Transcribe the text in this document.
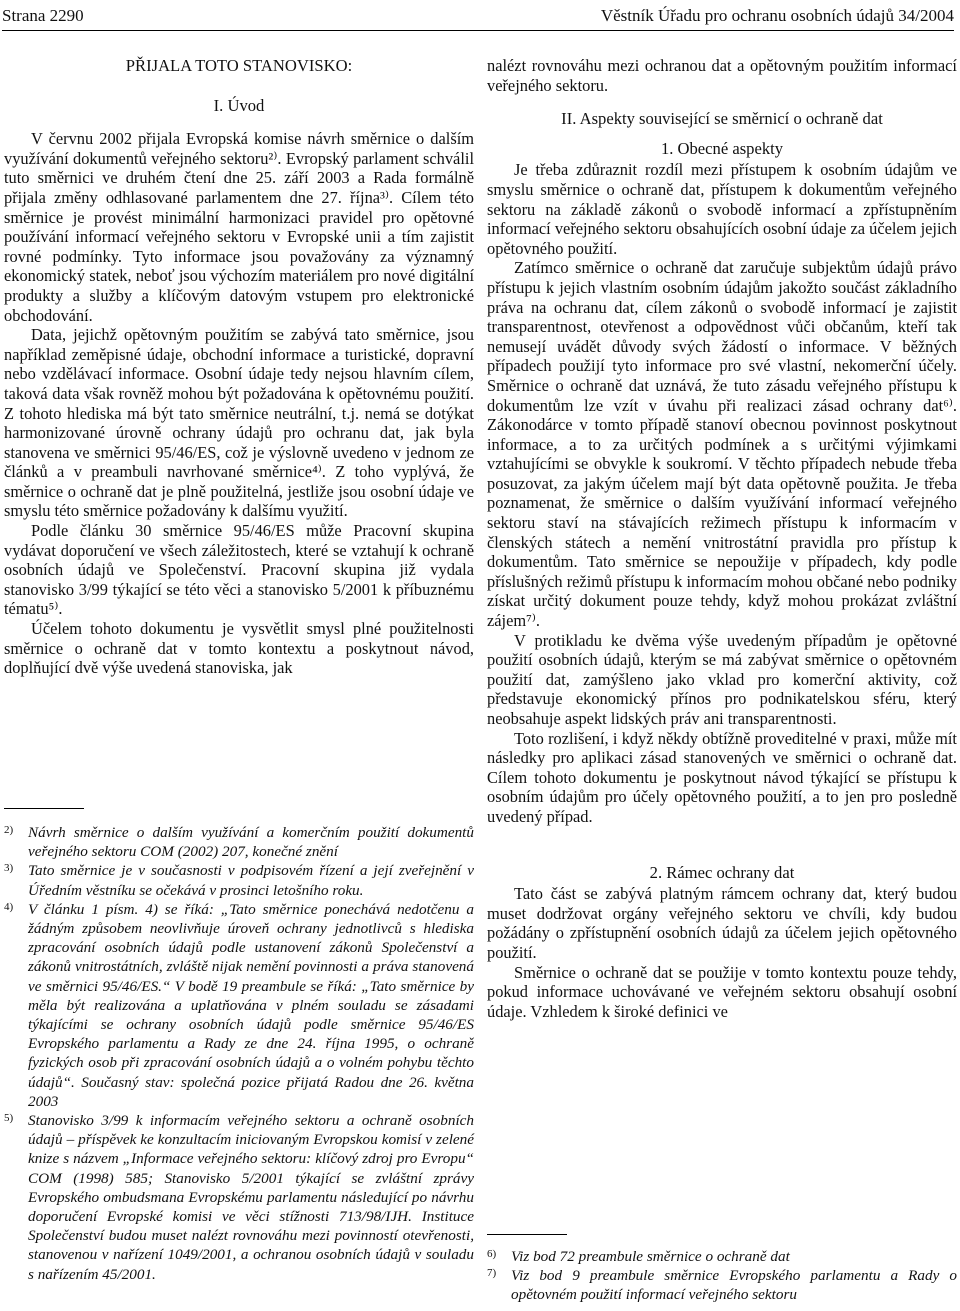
Strana 2290	Věstník Úřadu pro ochranu osobních údajů 34/2004
PŘIJALA TOTO STANOVISKO:
I. Úvod

V červnu 2002 přijala Evropská komise návrh směrnice o dalším využívání dokumentů veřejného sektoru²⁾. Evropský parlament schválil tuto směrnici ve druhém čtení dne 25. září 2003 a Rada formálně přijala změny odhlasované parlamentem dne 27. října³⁾. Cílem této směrnice je provést minimální harmonizaci pravidel pro opětovné používání informací veřejného sektoru v Evropské unii a tím zajistit rovné podmínky. Tyto informace jsou považovány za významný ekonomický statek, neboť jsou výchozím materiálem pro nové digitální produkty a služby a klíčovým datovým vstupem pro elektronické obchodování.

Data, jejichž opětovným použitím se zabývá tato směrnice, jsou například zeměpisné údaje, obchodní informace a turistické, dopravní nebo vzdělávací informace. Osobní údaje tedy nejsou hlavním cílem, taková data však rovněž mohou být požadována k opětovnému použití. Z tohoto hlediska má být tato směrnice neutrální, t.j. nemá se dotýkat harmonizované úrovně ochrany údajů pro ochranu dat, jak byla stanovena ve směrnici 95/46/ES, což je výslovně uvedeno v jednom ze článků a v preambuli navrhované směrnice⁴⁾. Z toho vyplývá, že směrnice o ochraně dat je plně použitelná, jestliže jsou osobní údaje ve smyslu této směrnice požadovány k dalšímu využití.

Podle článku 30 směrnice 95/46/ES může Pracovní skupina vydávat doporučení ve všech záležitostech, které se vztahují k ochraně osobních údajů ve Společenství. Pracovní skupina již vydala stanovisko 3/99 týkající se této věci a stanovisko 5/2001 k příbuznému tématu⁵⁾.

Účelem tohoto dokumentu je vysvětlit smysl plné použitelnosti směrnice o ochraně dat v tomto kontextu a poskytnout návod, doplňující dvě výše uvedená stanoviska, jak

2) Návrh směrnice o dalším využívání a komerčním použití dokumentů veřejného sektoru COM (2002) 207, konečné znění

3) Tato směrnice je v současnosti v podpisovém řízení a její zveřejnění v Úředním věstníku se očekává v prosinci letošního roku.

4) V článku 1 písm. 4) se říká: „Tato směrnice ponechává nedotčenu a žádným způsobem neovlivňuje úroveň ochrany jednotlivců s hlediska zpracování osobních údajů podle ustanovení zákonů Společenství a zákonů vnitrostátních, zvláště nijak nemění povinnosti a práva stanovená ve směrnici 95/46/ES.“ V bodě 19 preambule se říká: „Tato směrnice by měla být realizována a uplatňována v plném souladu se zásadami týkajícími se ochrany osobních údajů podle směrnice 95/46/ES Evropského parlamentu a Rady ze dne 24. října 1995, o ochraně fyzických osob při zpracování osobních údajů a o volném pohybu těchto údajů“. Současný stav: společná pozice přijatá Radou dne 26. května 2003

5) Stanovisko 3/99 k informacím veřejného sektoru a ochraně osobních údajů – příspěvek ke konzultacím iniciovaným Evropskou komisí v zelené knize s názvem „Informace veřejného sektoru: klíčový zdroj pro Evropu“ COM (1998) 585; Stanovisko 5/2001 týkající se zvláštní zprávy Evropského ombudsmana Evropskému parlamentu následující po návrhu doporučení Evropské komisi ve věci stížnosti 713/98/IJH. Instituce Společenství budou muset nalézt rovnováhu mezi povinností otevřenosti, stanovenou v nařízení 1049/2001, a ochranou osobních údajů v souladu s nařízením 45/2001.

nalézt rovnováhu mezi ochranou dat a opětovným použitím informací veřejného sektoru.

II. Aspekty související se směrnicí o ochraně dat
1. Obecné aspekty

Je třeba zdůraznit rozdíl mezi přístupem k osobním údajům ve smyslu směrnice o ochraně dat, přístupem k dokumentům veřejného sektoru na základě zákonů o svobodě informací a zpřístupněním informací veřejného sektoru obsahujících osobní údaje za účelem jejich opětovného použití.

Zatímco směrnice o ochraně dat zaručuje subjektům údajů právo přístupu k jejich vlastním osobním údajům jakožto součást základního práva na ochranu dat, cílem zákonů o svobodě informací je zajistit transparentnost, otevřenost a odpovědnost vůči občanům, kteří tak nemusejí uvádět důvody svých žádostí o informace. V běžných případech použijí tyto informace pro své vlastní, nekomerční účely. Směrnice o ochraně dat uznává, že tuto zásadu veřejného přístupu k dokumentům lze vzít v úvahu při realizaci zásad ochrany dat⁶⁾. Zákonodárce v tomto případě stanoví obecnou povinnost poskytnout informace, a to za určitých podmínek a s určitými výjimkami vztahujícími se obvykle k soukromí. V těchto případech nebude třeba posuzovat, za jakým účelem mají být data opětovně použita. Je třeba poznamenat, že směrnice o dalším využívání informací veřejného sektoru staví na stávajících režimech přístupu k informacím v členských státech a nemění vnitrostátní pravidla pro přístup k dokumentům. Tato směrnice se nepoužije v případech, kdy podle příslušných režimů přístupu k informacím mohou občané nebo podniky získat určitý dokument pouze tehdy, když mohou prokázat zvláštní zájem⁷⁾.

V protikladu ke dvěma výše uvedeným případům je opětovné použití osobních údajů, kterým se má zabývat směrnice o opětovném použití dat, zamýšleno jako vklad pro komerční aktivity, což představuje ekonomický přínos pro podnikatelskou sféru, který neobsahuje aspekt lidských práv ani transparentnosti.

Toto rozlišení, i když někdy obtížně proveditelné v praxi, může mít následky pro aplikaci zásad stanovených ve směrnici o ochraně dat. Cílem tohoto dokumentu je poskytnout návod týkající se přístupu k osobním údajům pro účely opětovného použití, a to jen pro posledně uvedený případ.

2. Rámec ochrany dat

Tato část se zabývá platným rámcem ochrany dat, který budou muset dodržovat orgány veřejného sektoru ve chvíli, kdy budou požádány o zpřístupnění osobních údajů za účelem jejich opětovného použití.

Směrnice o ochraně dat se použije v tomto kontextu pouze tehdy, pokud informace uchovávané ve veřejném sektoru obsahují osobní údaje. Vzhledem k široké definici ve

6) Viz bod 72 preambule směrnice o ochraně dat

7) Viz bod 9 preambule směrnice Evropského parlamentu a Rady o opětovném použití informací veřejného sektoru
